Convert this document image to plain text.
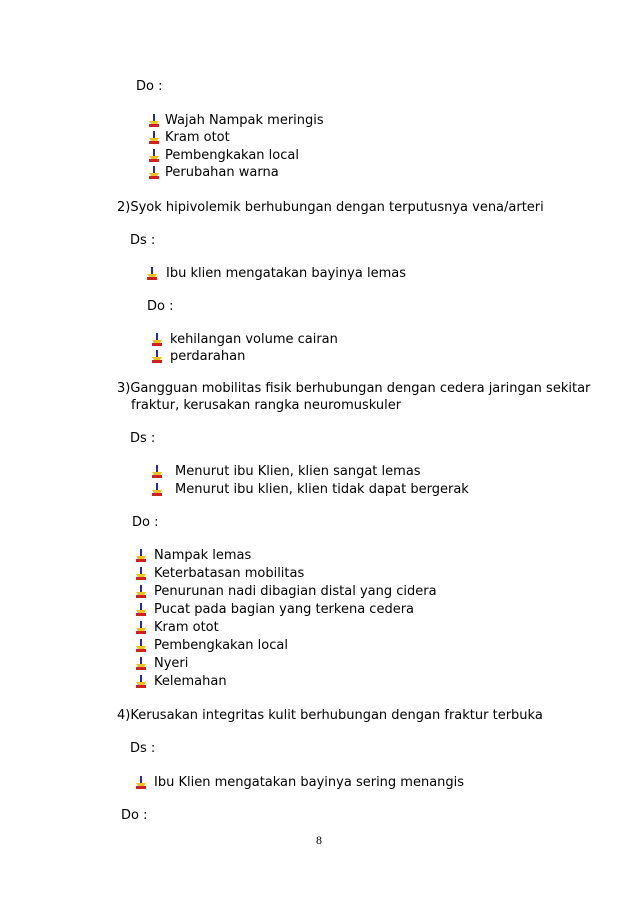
Do :
Wajah Nampak meringis
Kram otot
Pembengkakan local
Perubahan warna
2)Syok hipivolemik berhubungan dengan terputusnya vena/arteri
Ds :
Ibu klien mengatakan bayinya lemas
Do :
kehilangan volume cairan
perdarahan
3)Gangguan mobilitas fisik berhubungan dengan cedera jaringan sekitar
fraktur, kerusakan rangka neuromuskuler
Ds :
Menurut ibu Klien, klien sangat lemas
Menurut ibu klien, klien tidak dapat bergerak
Do :
Nampak lemas
Keterbatasan mobilitas
Penurunan nadi dibagian distal yang cidera
Pucat pada bagian yang terkena cedera
Kram otot
Pembengkakan local
Nyeri
Kelemahan
4)Kerusakan integritas kulit berhubungan dengan fraktur terbuka
Ds :
Ibu Klien mengatakan bayinya sering menangis
Do :
8
